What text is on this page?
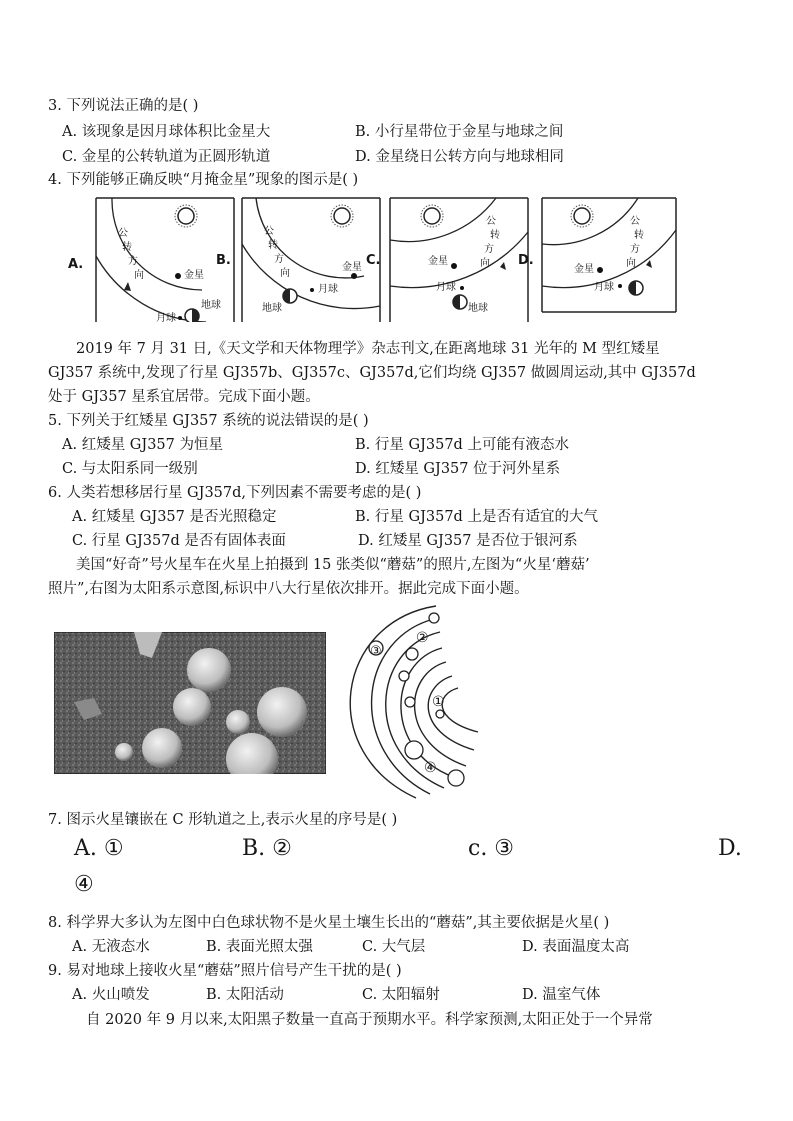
3. 下列说法正确的是( )
A. 该现象是因月球体积比金星大	B. 小行星带位于金星与地球之间
C. 金星的公转轨道为正圆形轨道	D. 金星绕日公转方向与地球相同
4. 下列能够正确反映“月掩金星”现象的图示是( )
A.
公
转
方
向	金星
地球
月球
B.
公
转
方
向
金星
地球
月球
C.
公
转
方
向
金星
月球
地球
D.
公
转
方
向
金星
月球
2019 年 7 月 31 日,《天文学和天体物理学》杂志刊文,在距离地球 31 光年的 M 型红矮星
GJ357 系统中,发现了行星 GJ357b、GJ357c、GJ357d,它们均绕 GJ357 做圆周运动,其中 GJ357d
处于 GJ357 星系宜居带。完成下面小题。
5. 下列关于红矮星 GJ357 系统的说法错误的是( )
A. 红矮星 GJ357 为恒星	B. 行星 GJ357d 上可能有液态水
C. 与太阳系同一级别	D. 红矮星 GJ357 位于河外星系
6. 人类若想移居行星 GJ357d,下列因素不需要考虑的是( )
A. 红矮星 GJ357 是否光照稳定	B. 行星 GJ357d 上是否有适宜的大气
C. 行星 GJ357d 是否有固体表面	D. 红矮星 GJ357 是否位于银河系
美国“好奇”号火星车在火星上拍摄到 15 张类似“蘑菇”的照片,左图为“火星‘蘑菇’
照片”,右图为太阳系示意图,标识中八大行星依次排开。据此完成下面小题。
③
②
①
④
7. 图示火星镶嵌在 C 形轨道之上,表示火星的序号是( )
A. ①	B. ②	c. ③	D.
④
8. 科学界大多认为左图中白色球状物不是火星土壤生长出的“蘑菇”,其主要依据是火星( )
A. 无液态水	B. 表面光照太强	C. 大气层	D. 表面温度太高
9. 易对地球上接收火星“蘑菇”照片信号产生干扰的是( )
A. 火山喷发	B. 太阳活动	C. 太阳辐射	D. 温室气体
自 2020 年 9 月以来,太阳黑子数量一直高于预期水平。科学家预测,太阳正处于一个异常
